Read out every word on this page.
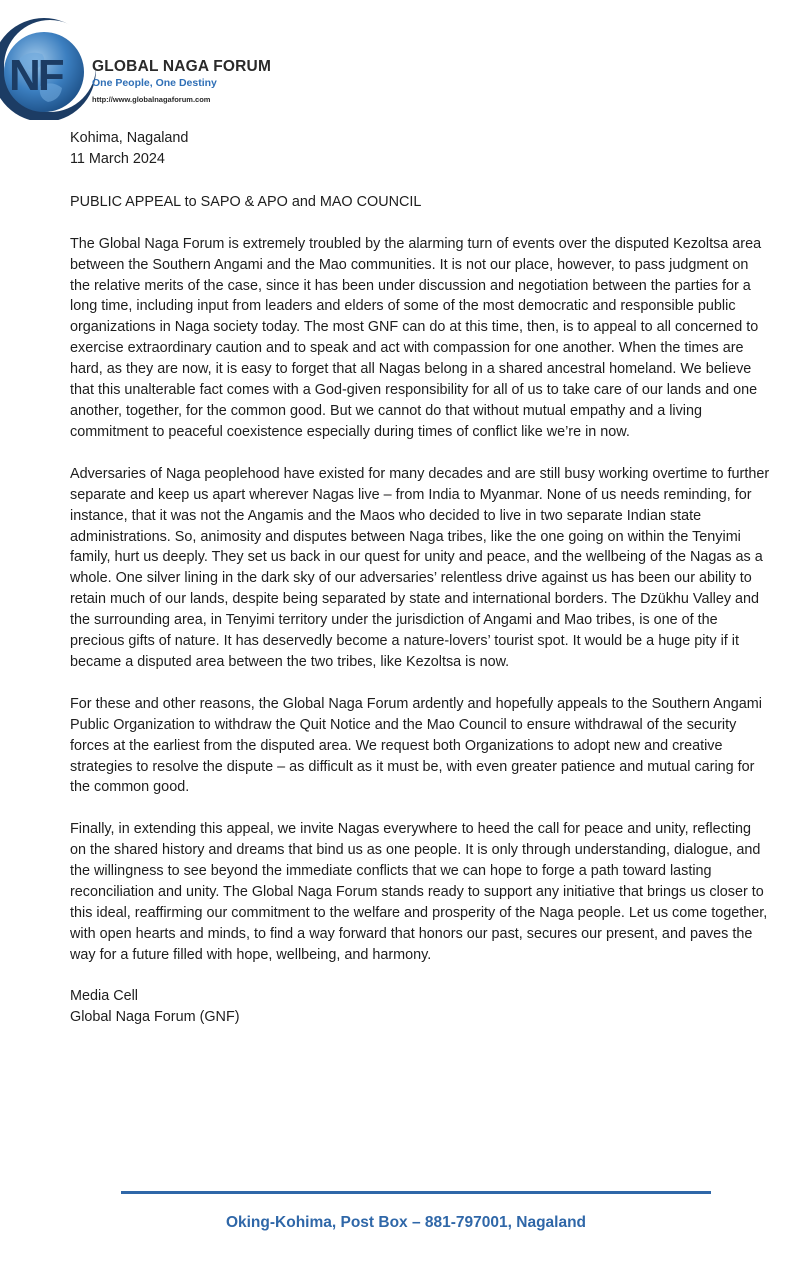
NF GLOBAL NAGA FORUM
One People, One Destiny
http://www.globalnagaforum.com

Kohima, Nagaland

11 March 2024

PUBLIC APPEAL to SAPO & APO and MAO COUNCIL

The Global Naga Forum is extremely troubled by the alarming turn of events over the disputed Kezoltsa area between the Southern Angami and the Mao communities. It is not our place, however, to pass judgment on the relative merits of the case, since it has been under discussion and negotiation between the parties for a long time, including input from leaders and elders of some of the most democratic and responsible public organizations in Naga society today. The most GNF can do at this time, then, is to appeal to all concerned to exercise extraordinary caution and to speak and act with compassion for one another. When the times are hard, as they are now, it is easy to forget that all Nagas belong in a shared ancestral homeland. We believe that this unalterable fact comes with a God-given responsibility for all of us to take care of our lands and one another, together, for the common good. But we cannot do that without mutual empathy and a living commitment to peaceful coexistence especially during times of conflict like we’re in now.

Adversaries of Naga peoplehood have existed for many decades and are still busy working overtime to further separate and keep us apart wherever Nagas live – from India to Myanmar. None of us needs reminding, for instance, that it was not the Angamis and the Maos who decided to live in two separate Indian state administrations. So, animosity and disputes between Naga tribes, like the one going on within the Tenyimi family, hurt us deeply. They set us back in our quest for unity and peace, and the wellbeing of the Nagas as a whole. One silver lining in the dark sky of our adversaries’ relentless drive against us has been our ability to retain much of our lands, despite being separated by state and international borders. The Dzükhu Valley and the surrounding area, in Tenyimi territory under the jurisdiction of Angami and Mao tribes, is one of the precious gifts of nature. It has deservedly become a nature-lovers’ tourist spot. It would be a huge pity if it became a disputed area between the two tribes, like Kezoltsa is now.

For these and other reasons, the Global Naga Forum ardently and hopefully appeals to the Southern Angami Public Organization to withdraw the Quit Notice and the Mao Council to ensure withdrawal of the security forces at the earliest from the disputed area. We request both Organizations to adopt new and creative strategies to resolve the dispute – as difficult as it must be, with even greater patience and mutual caring for the common good.

Finally, in extending this appeal, we invite Nagas everywhere to heed the call for peace and unity, reflecting on the shared history and dreams that bind us as one people. It is only through understanding, dialogue, and the willingness to see beyond the immediate conflicts that we can hope to forge a path toward lasting reconciliation and unity. The Global Naga Forum stands ready to support any initiative that brings us closer to this ideal, reaffirming our commitment to the welfare and prosperity of the Naga people. Let us come together, with open hearts and minds, to find a way forward that honors our past, secures our present, and paves the way for a future filled with hope, wellbeing, and harmony.

Media Cell

Global Naga Forum (GNF)

Oking-Kohima, Post Box – 881-797001, Nagaland
